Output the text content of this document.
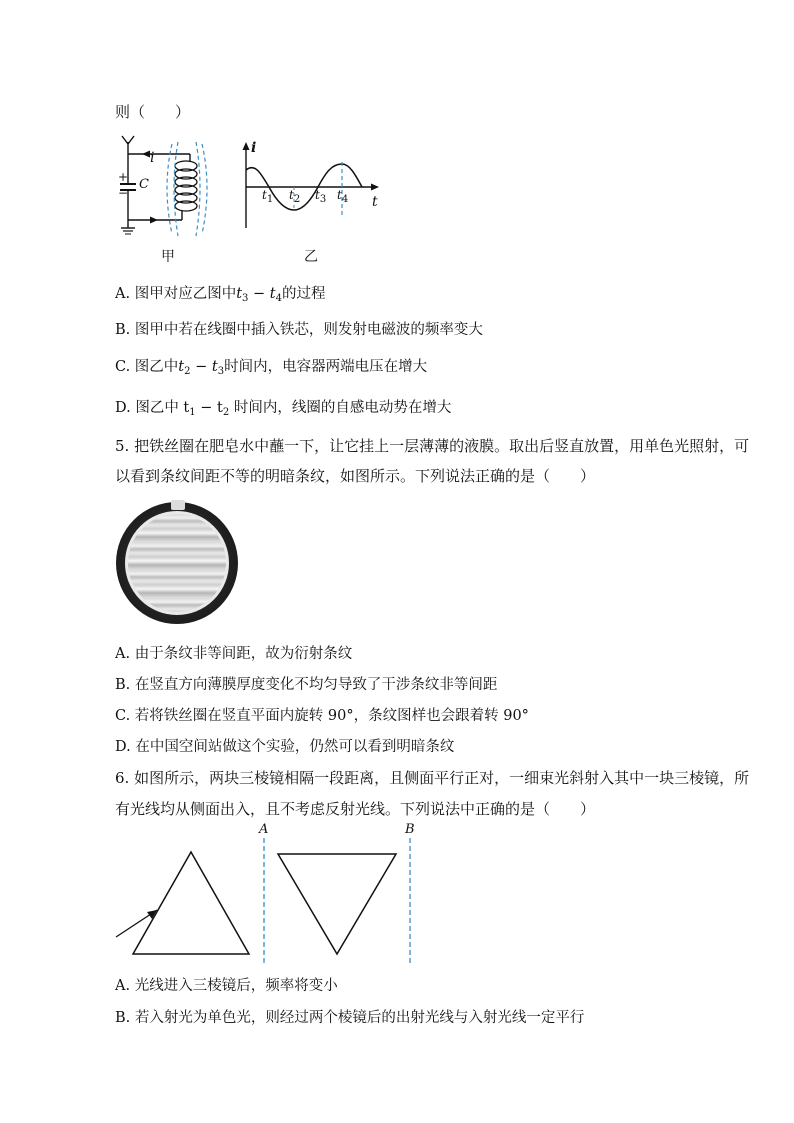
则（　　）
i
+ C
−
甲
i
t
$t_1$ $t_2$ $t_3$ $t_4$
乙
A. 图甲对应乙图中$t_3 - t_4$的过程
B. 图甲中若在线圈中插入铁芯，则发射电磁波的频率变大
C. 图乙中$t_2 - t_3$时间内，电容器两端电压在增大
D. 图乙中 $t_1 - t_2$ 时间内，线圈的自感电动势在增大
5. 把铁丝圈在肥皂水中蘸一下，让它挂上一层薄薄的液膜。取出后竖直放置，用单色光照射，可
以看到条纹间距不等的明暗条纹，如图所示。下列说法正确的是（　　）
A. 由于条纹非等间距，故为衍射条纹
B. 在竖直方向薄膜厚度变化不均匀导致了干涉条纹非等间距
C. 若将铁丝圈在竖直平面内旋转 90°，条纹图样也会跟着转 90°
D. 在中国空间站做这个实验，仍然可以看到明暗条纹
6. 如图所示，两块三棱镜相隔一段距离，且侧面平行正对，一细束光斜射入其中一块三棱镜，所
有光线均从侧面出入，且不考虑反射光线。下列说法中正确的是（　　）
A	B
A. 光线进入三棱镜后，频率将变小
B. 若入射光为单色光，则经过两个棱镜后的出射光线与入射光线一定平行
